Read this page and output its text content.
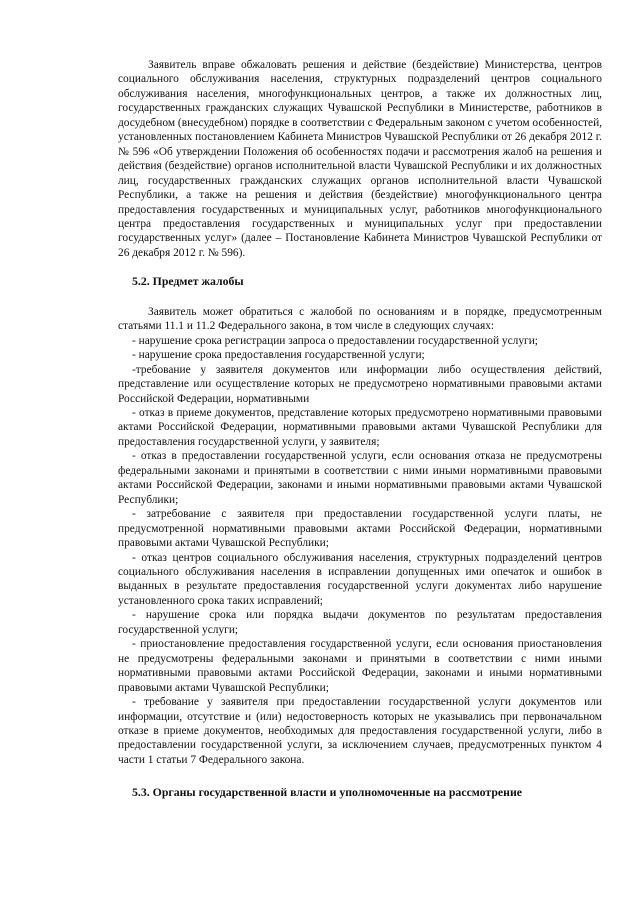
Заявитель вправе обжаловать решения и действие (бездействие) Министерства, центров социального обслуживания населения, структурных подразделений центров социального обслуживания населения, многофункциональных центров, а также их должностных лиц, государственных гражданских служащих Чувашской Республики в Министерстве, работников в досудебном (внесудебном) порядке в соответствии с Федеральным законом с учетом особенностей, установленных постановлением Кабинета Министров Чувашской Республики от 26 декабря 2012 г. № 596 «Об утверждении Положения об особенностях подачи и рассмотрения жалоб на решения и действия (бездействие) органов исполнительной власти Чувашской Республики и их должностных лиц, государственных гражданских служащих органов исполнительной власти Чувашской Республики, а также на решения и действия (бездействие) многофункционального центра предоставления государственных и муниципальных услуг, работников многофункционального центра предоставления государственных и муниципальных услуг при предоставлении государственных услуг» (далее – Постановление Кабинета Министров Чувашской Республики от 26 декабря 2012 г. № 596).

5.2. Предмет жалобы

Заявитель может обратиться с жалобой по основаниям и в порядке, предусмотренным статьями 11.1 и 11.2 Федерального закона, в том числе в следующих случаях:

- нарушение срока регистрации запроса о предоставлении государственной услуги;

- нарушение срока предоставления государственной услуги;

-требование у заявителя документов или информации либо осуществления действий, представление или осуществление которых не предусмотрено нормативными правовыми актами Российской Федерации, нормативными

- отказ в приеме документов, представление которых предусмотрено нормативными правовыми актами Российской Федерации, нормативными правовыми актами Чувашской Республики для предоставления государственной услуги, у заявителя;

- отказ в предоставлении государственной услуги, если основания отказа не предусмотрены федеральными законами и принятыми в соответствии с ними иными нормативными правовыми актами Российской Федерации, законами и иными нормативными правовыми актами Чувашской Республики;

- затребование с заявителя при предоставлении государственной услуги платы, не предусмотренной нормативными правовыми актами Российской Федерации, нормативными правовыми актами Чувашской Республики;

- отказ центров социального обслуживания населения, структурных подразделений центров социального обслуживания населения в исправлении допущенных ими опечаток и ошибок в выданных в результате предоставления государственной услуги документах либо нарушение установленного срока таких исправлений;

- нарушение срока или порядка выдачи документов по результатам предоставления государственной услуги;

- приостановление предоставления государственной услуги, если основания приостановления не предусмотрены федеральными законами и принятыми в соответствии с ними иными нормативными правовыми актами Российской Федерации, законами и иными нормативными правовыми актами Чувашской Республики;

- требование у заявителя при предоставлении государственной услуги документов или информации, отсутствие и (или) недостоверность которых не указывались при первоначальном отказе в приеме документов, необходимых для предоставления государственной услуги, либо в предоставлении государственной услуги, за исключением случаев, предусмотренных пунктом 4 части 1 статьи 7 Федерального закона.

5.3. Органы государственной власти и уполномоченные на рассмотрение
